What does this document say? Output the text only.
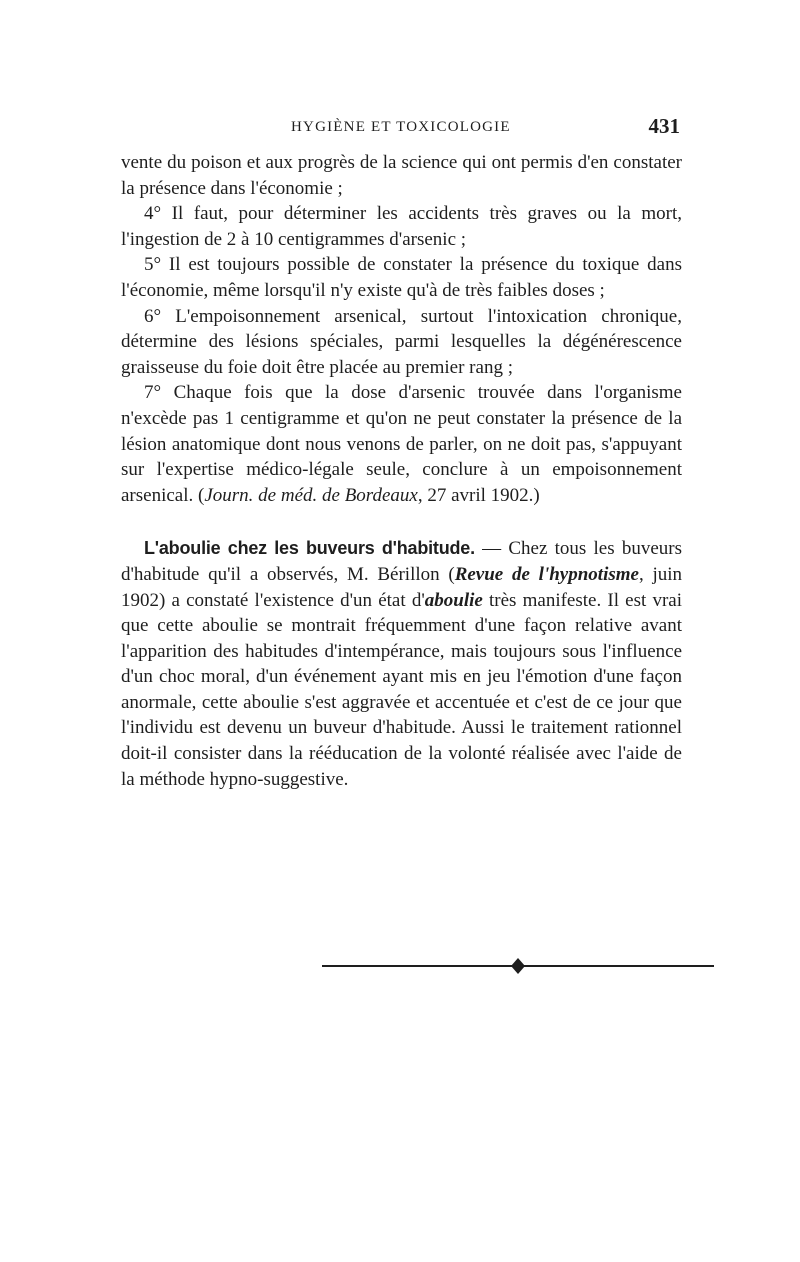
HYGIÈNE ET TOXICOLOGIE	431

vente du poison et aux progrès de la science qui ont permis d'en constater la présence dans l'économie ;

4° Il faut, pour déterminer les accidents très graves ou la mort, l'ingestion de 2 à 10 centigrammes d'arsenic ;

5° Il est toujours possible de constater la présence du toxique dans l'économie, même lorsqu'il n'y existe qu'à de très faibles doses ;

6° L'empoisonnement arsenical, surtout l'intoxication chronique, détermine des lésions spéciales, parmi lesquelles la dégénérescence graisseuse du foie doit être placée au premier rang ;

7° Chaque fois que la dose d'arsenic trouvée dans l'organisme n'excède pas 1 centigramme et qu'on ne peut constater la présence de la lésion anatomique dont nous venons de parler, on ne doit pas, s'appuyant sur l'expertise médico-légale seule, conclure à un empoisonnement arsenical. (Journ. de méd. de Bordeaux, 27 avril 1902.)

L'aboulie chez les buveurs d'habitude. — Chez tous les buveurs d'habitude qu'il a observés, M. Bérillon (Revue de l'hypnotisme, juin 1902) a constaté l'existence d'un état d'aboulie très manifeste. Il est vrai que cette aboulie se montrait fréquemment d'une façon relative avant l'apparition des habitudes d'intempérance, mais toujours sous l'influence d'un choc moral, d'un événement ayant mis en jeu l'émotion d'une façon anormale, cette aboulie s'est aggravée et accentuée et c'est de ce jour que l'individu est devenu un buveur d'habitude. Aussi le traitement rationnel doit-il consister dans la rééducation de la volonté réalisée avec l'aide de la méthode hypno-suggestive.
